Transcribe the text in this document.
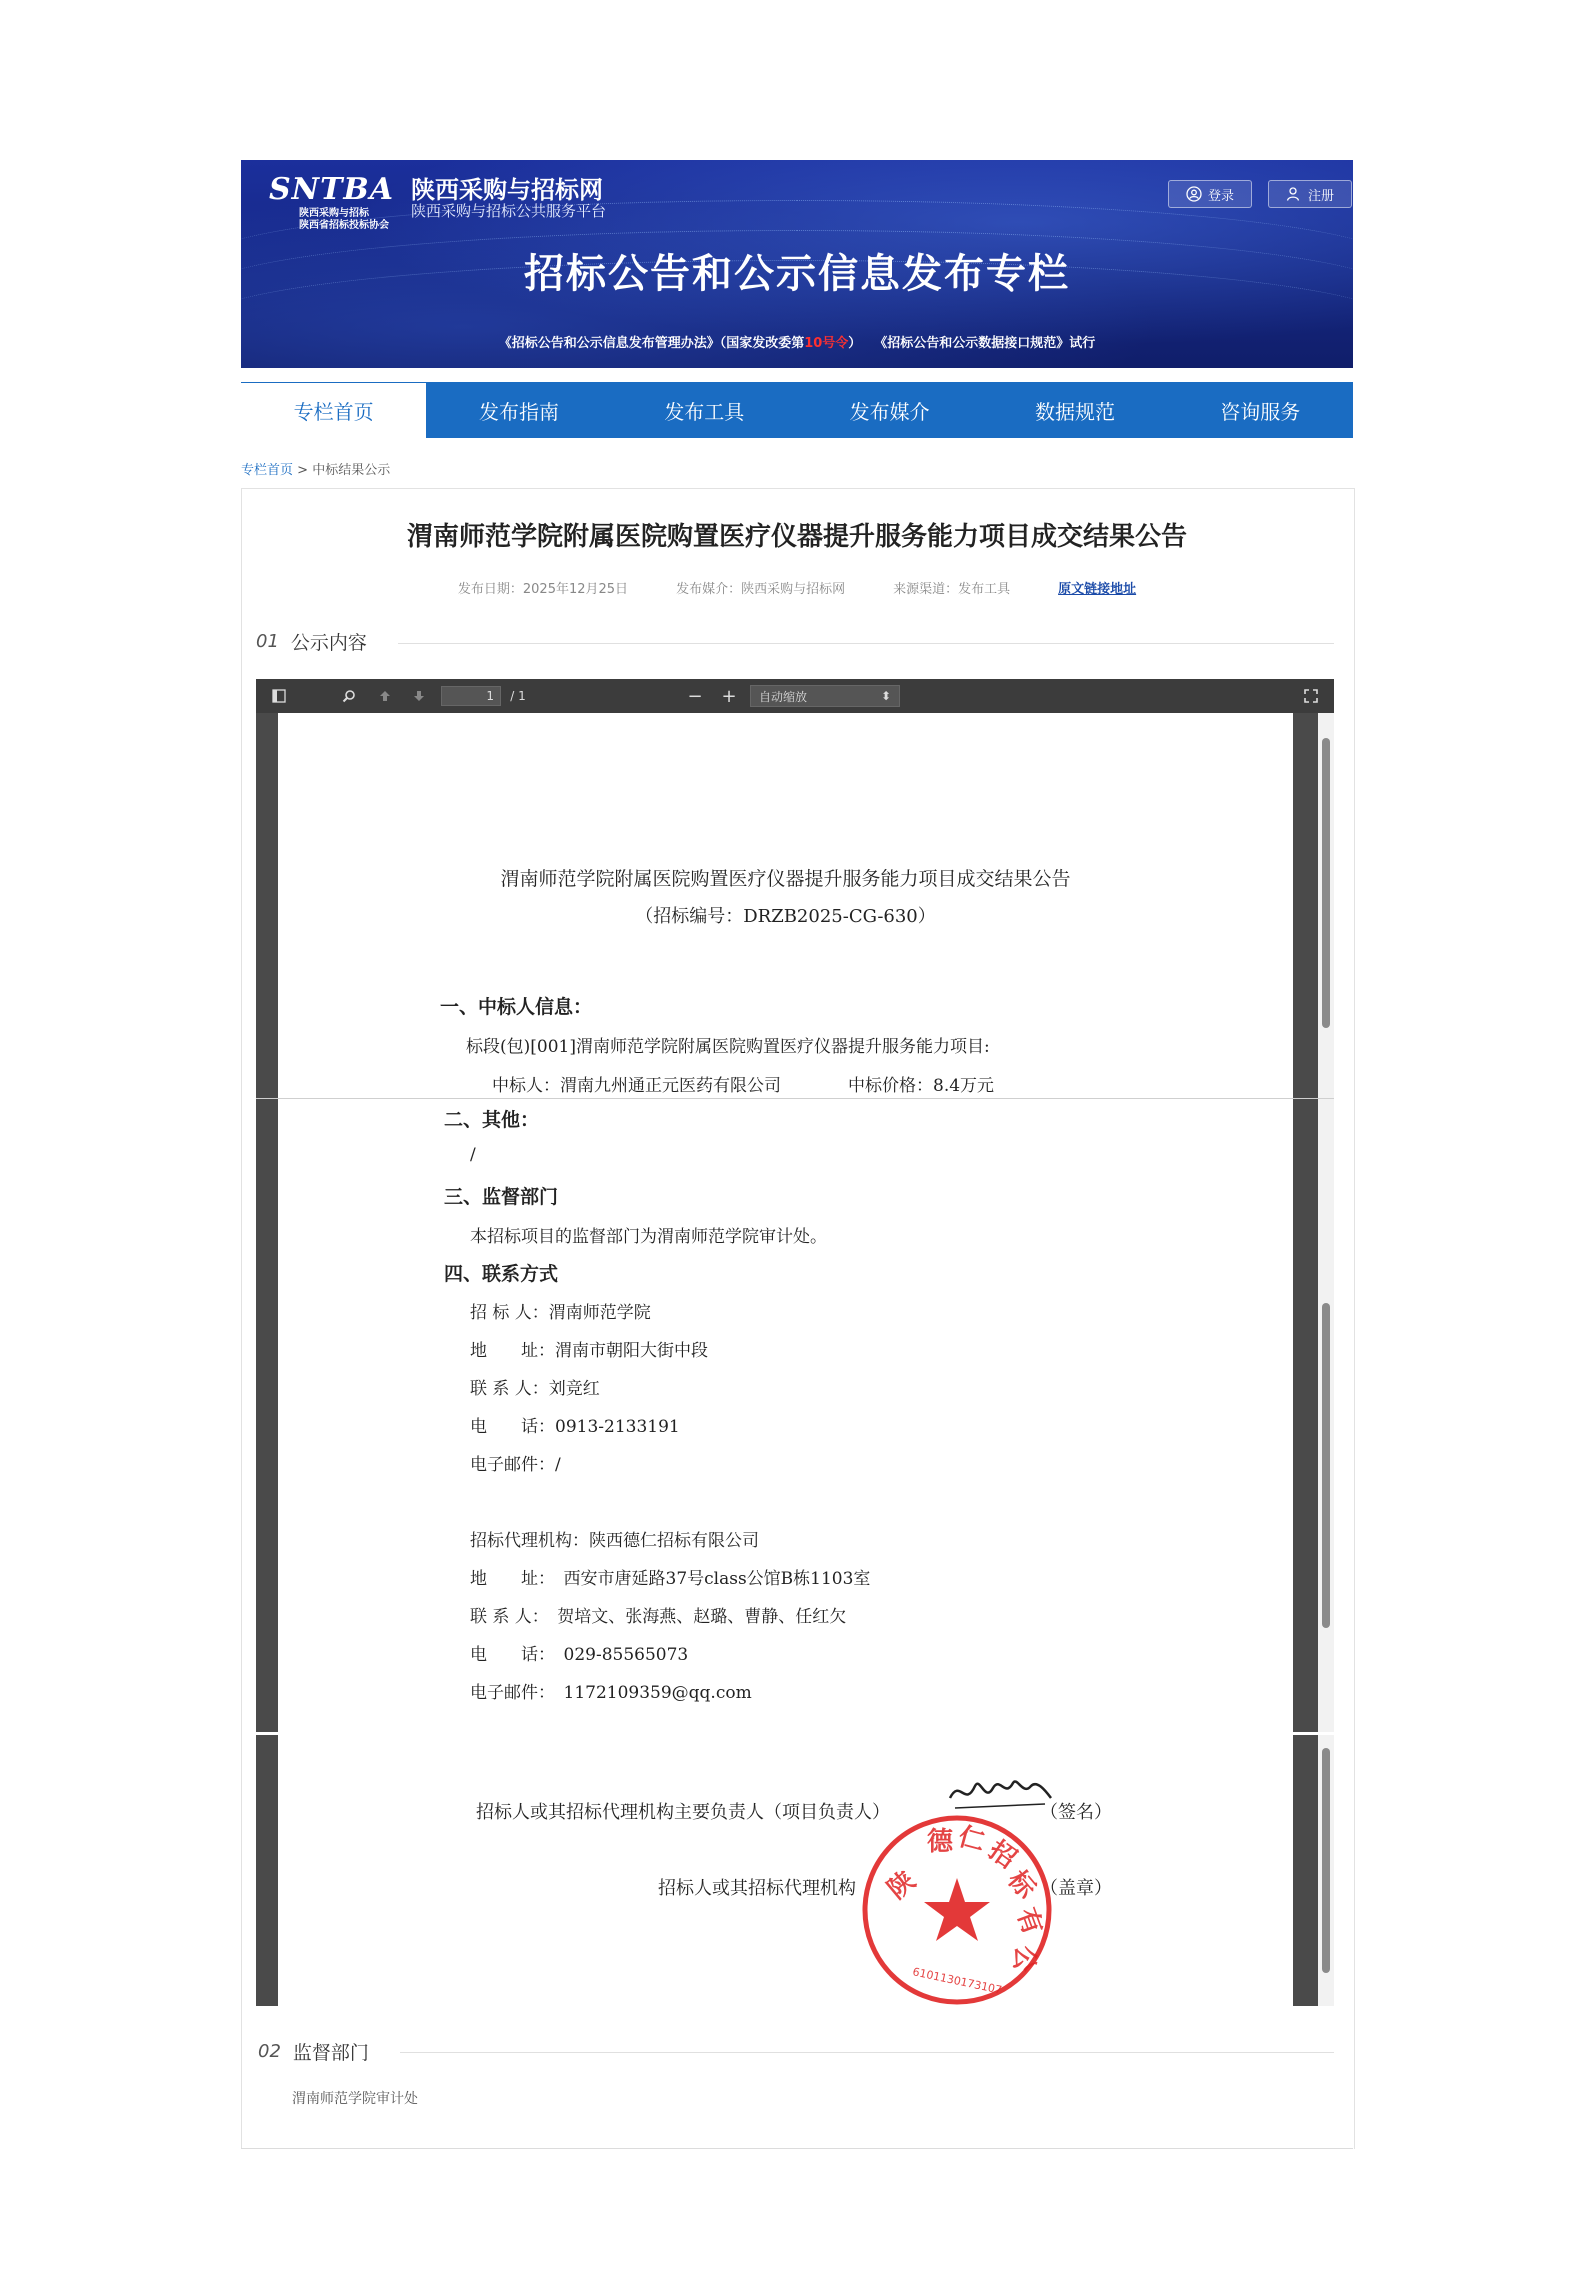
SNTBA
陕西采购与招标
陕西省招标投标协会
陕西采购与招标网
陕西采购与招标公共服务平台
登录	注册
招标公告和公示信息发布专栏
《招标公告和公示信息发布管理办法》（国家发改委第10号令）　　《招标公告和公示数据接口规范》试行
专栏首页	发布指南	发布工具	发布媒介	数据规范	咨询服务
专栏首页 > 中标结果公示
渭南师范学院附属医院购置医疗仪器提升服务能力项目成交结果公告
发布日期：2025年12月25日	发布媒介：陕西采购与招标网	来源渠道：发布工具	原文链接地址
01 公示内容
1	/ 1	− + 自动缩放	⬍
渭南师范学院附属医院购置医疗仪器提升服务能力项目成交结果公告
（招标编号：DRZB2025-CG-630）
一、中标人信息：
标段(包)[001]渭南师范学院附属医院购置医疗仪器提升服务能力项目:
中标人：渭南九州通正元医药有限公司	中标价格：8.4万元
二、其他：
/
三、监督部门
本招标项目的监督部门为渭南师范学院审计处。
四、联系方式
招 标 人：渭南师范学院
地　　址：渭南市朝阳大街中段
联 系 人：刘竞红
电　　话：0913-2133191
电子邮件：/
招标代理机构：陕西德仁招标有限公司
地　　址：　西安市唐延路37号class公馆B栋1103室
联 系 人：　贺培文、张海燕、赵璐、曹静、任红欠
电　　话：　029-85565073
电子邮件：　1172109359@qq.com
招标人或其招标代理机构主要负责人（项目负责人）	（签名）
招标人或其招标代理机构	（盖章）
陕
德 仁
招
标
有
公
6101130173107
02 监督部门
渭南师范学院审计处
